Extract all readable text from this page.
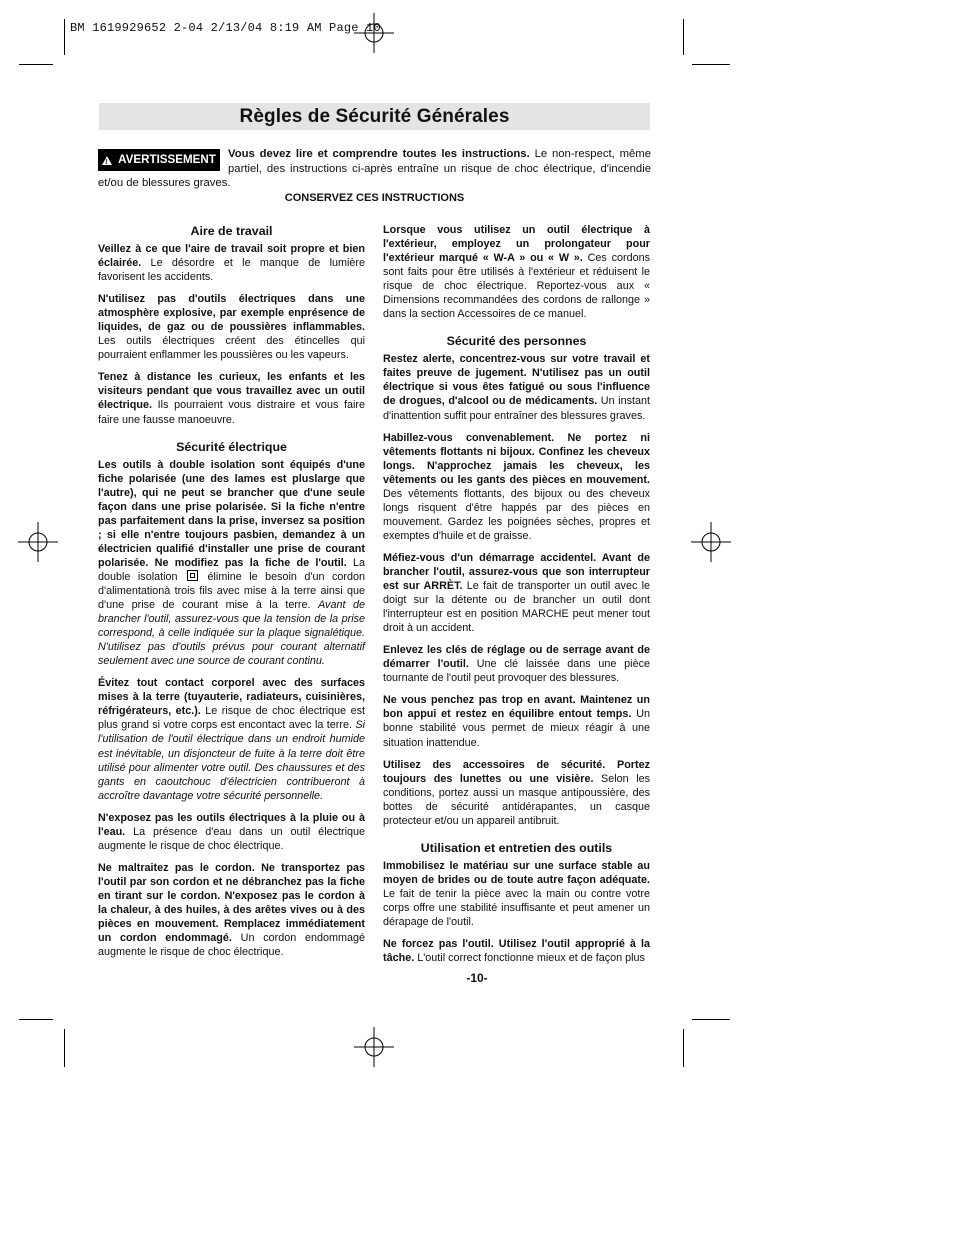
BM 1619929652 2-04 2/13/04 8:19 AM Page 10
Règles de Sécurité Générales
!
AVERTISSEMENT Vous devez lire et comprendre toutes les instructions. Le non-respect, même partiel, des instructions ci-après entraîne un risque de choc électrique, d'incendie et/ou de blessures graves.
CONSERVEZ CES INSTRUCTIONS
Aire de travail

Veillez à ce que l'aire de travail soit propre et bien éclairée. Le désordre et le manque de lumière favorisent les accidents.

N'utilisez pas d'outils électriques dans une atmosphère explosive, par exemple enprésence de liquides, de gaz ou de poussières inflammables. Les outils électriques créent des étincelles qui pourraient enflammer les poussières ou les vapeurs.

Tenez à distance les curieux, les enfants et les visiteurs pendant que vous travaillez avec un outil électrique. Ils pourraient vous distraire et vous faire faire une fausse manoeuvre.

Sécurité électrique

Les outils à double isolation sont équipés d'une fiche polarisée (une des lames est pluslarge que l'autre), qui ne peut se brancher que d'une seule façon dans une prise polarisée. Si la fiche n'entre pas parfaitement dans la prise, inversez sa position ; si elle n'entre toujours pasbien, demandez à un électricien qualifié d'installer une prise de courant polarisée. Ne modifiez pas la fiche de l'outil. La double isolation  élimine le besoin d'un cordon d'alimentationà trois fils avec mise à la terre ainsi que d'une prise de courant mise à la terre. Avant de brancher l'outil, assurez-vous que la tension de la prise correspond, à celle indiquée sur la plaque signalétique. N'utilisez pas d'outils prévus pour courant alternatif seulement avec une source de courant continu.

Évitez tout contact corporel avec des surfaces mises à la terre (tuyauterie, radiateurs, cuisinières, réfrigérateurs, etc.). Le risque de choc électrique est plus grand si votre corps est encontact avec la terre. Si l'utilisation de l'outil électrique dans un endroit humide est inévitable, un disjoncteur de fuite à la terre doit être utilisé pour alimenter votre outil. Des chaussures et des gants en caoutchouc d'électricien contribueront à accroître davantage votre sécurité personnelle.

N'exposez pas les outils électriques à la pluie ou à l'eau. La présence d'eau dans un outil électrique augmente le risque de choc électrique.

Ne maltraitez pas le cordon. Ne transportez pas l'outil par son cordon et ne débranchez pas la fiche en tirant sur le cordon. N'exposez pas le cordon à la chaleur, à des huiles, à des arêtes vives ou à des pièces en mouvement. Remplacez immédiatement un cordon endommagé. Un cordon endommagé augmente le risque de choc électrique.

Lorsque vous utilisez un outil électrique à l'extérieur, employez un prolongateur pour l'extérieur marqué « W-A » ou « W ». Ces cordons sont faits pour être utilisés à l'extérieur et réduisent le risque de choc électrique. Reportez-vous aux « Dimensions recommandées des cordons de rallonge » dans la section Accessoires de ce manuel.

Sécurité des personnes

Restez alerte, concentrez-vous sur votre travail et faites preuve de jugement. N'utilisez pas un outil électrique si vous êtes fatigué ou sous l'influence de drogues, d'alcool ou de médicaments. Un instant d'inattention suffit pour entraîner des blessures graves.

Habillez-vous convenablement. Ne portez ni vêtements flottants ni bijoux. Confinez les cheveux longs. N'approchez jamais les cheveux, les vêtements ou les gants des pièces en mouvement. Des vêtements flottants, des bijoux ou des cheveux longs risquent d'être happés par des pièces en mouvement. Gardez les poignées sèches, propres et exemptes d'huile et de graisse.

Méfiez-vous d'un démarrage accidentel. Avant de brancher l'outil, assurez-vous que son interrupteur est sur ARRÈT. Le fait de transporter un outil avec le doigt sur la détente ou de brancher un outil dont l'interrupteur est en position MARCHE peut mener tout droit à un accident.

Enlevez les clés de réglage ou de serrage avant de démarrer l'outil. Une clé laissée dans une pièce tournante de l'outil peut provoquer des blessures.

Ne vous penchez pas trop en avant. Maintenez un bon appui et restez en équilibre entout temps. Un bonne stabilité vous permet de mieux réagir à une situation inattendue.

Utilisez des accessoires de sécurité. Portez toujours des lunettes ou une visière. Selon les conditions, portez aussi un masque antipoussière, des bottes de sécurité antidérapantes, un casque protecteur et/ou un appareil antibruit.

Utilisation et entretien des outils

Immobilisez le matériau sur une surface stable au moyen de brides ou de toute autre façon adéquate. Le fait de tenir la pièce avec la main ou contre votre corps offre une stabilité insuffisante et peut amener un dérapage de l'outil.

Ne forcez pas l'outil. Utilisez l'outil approprié à la tâche. L'outil correct fonctionne mieux et de façon plus

-10-
